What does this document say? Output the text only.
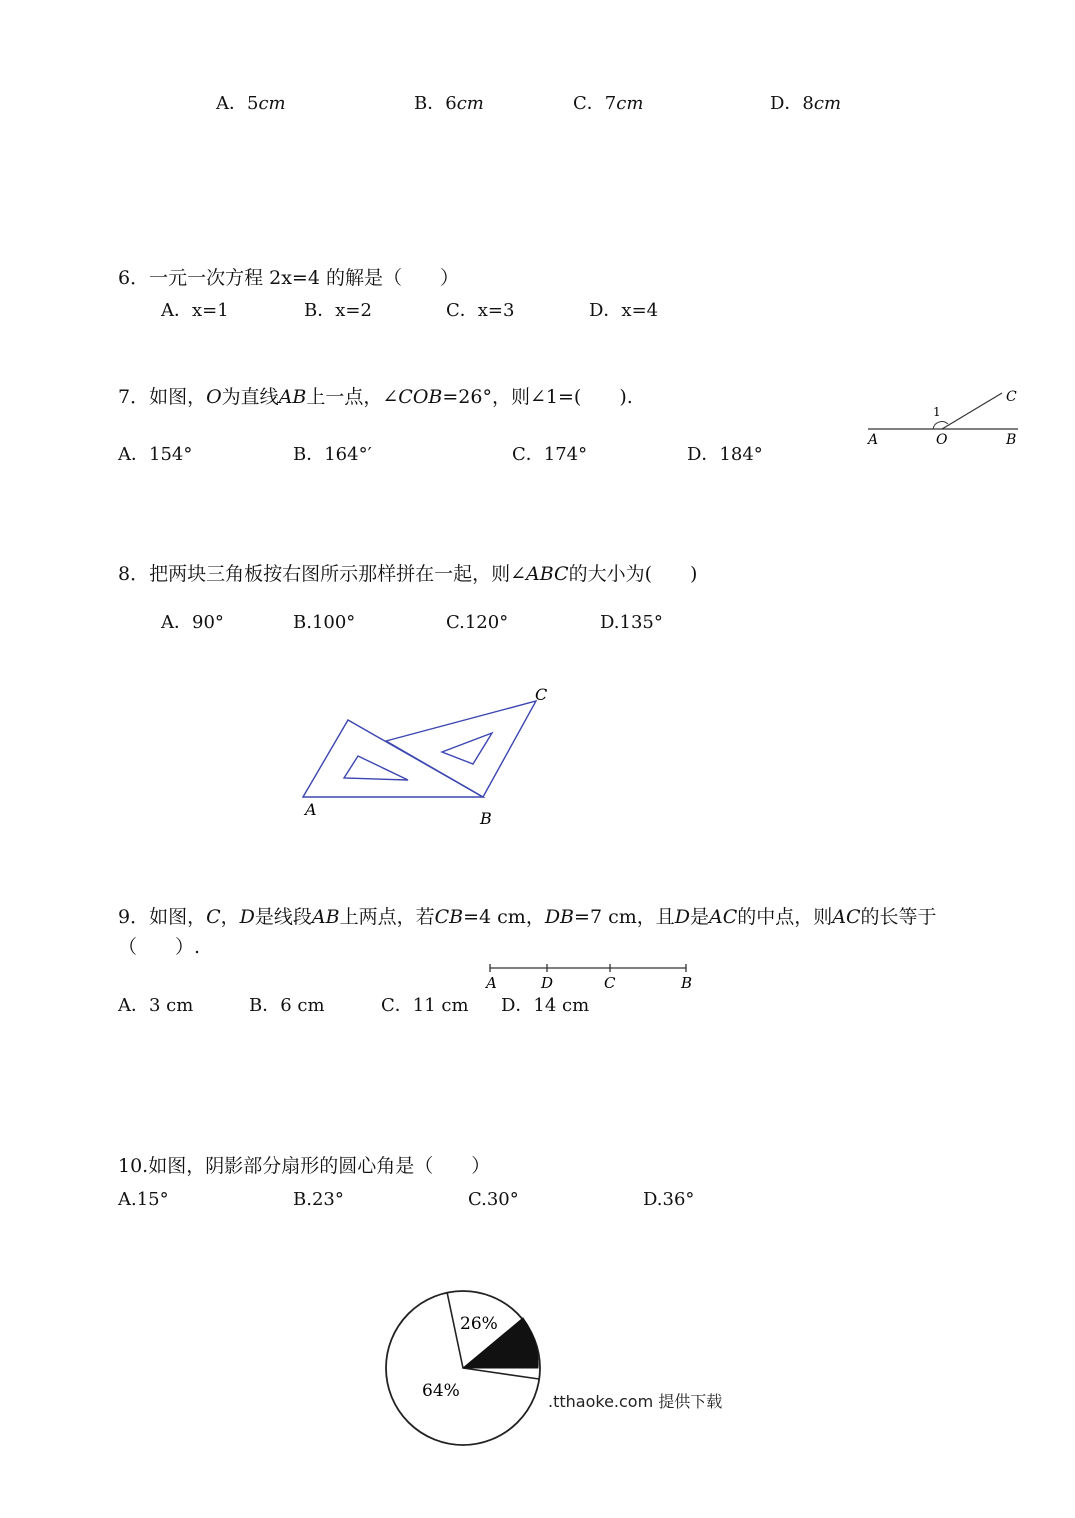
A．5cm	B．6cm	C．7cm	D．8cm
6．一元一次方程 2x=4 的解是（　　）
A．x=1	B．x=2	C．x=3	D．x=4
7．如图，O为直线AB上一点，∠COB=26°，则∠1=(　　).
A．154°	B．164°′	C．174°	D．184°
A	O	B
C
1
8．把两块三角板按右图所示那样拼在一起，则∠ABC的大小为(　　)
A．90°	B.100°	C.120°	D.135°
A	B
C
9．如图，C，D是线段AB上两点，若CB=4 cm，DB=7 cm，且D是AC的中点，则AC的长等于
（　　）.
A	D	C	B
A．3 cm	B．6 cm	C．11 cm D．14 cm
10.如图，阴影部分扇形的圆心角是（　　）
A.15°	B.23°	C.30°	D.36°
26%
64%
.tthaoke.com 提供下载
